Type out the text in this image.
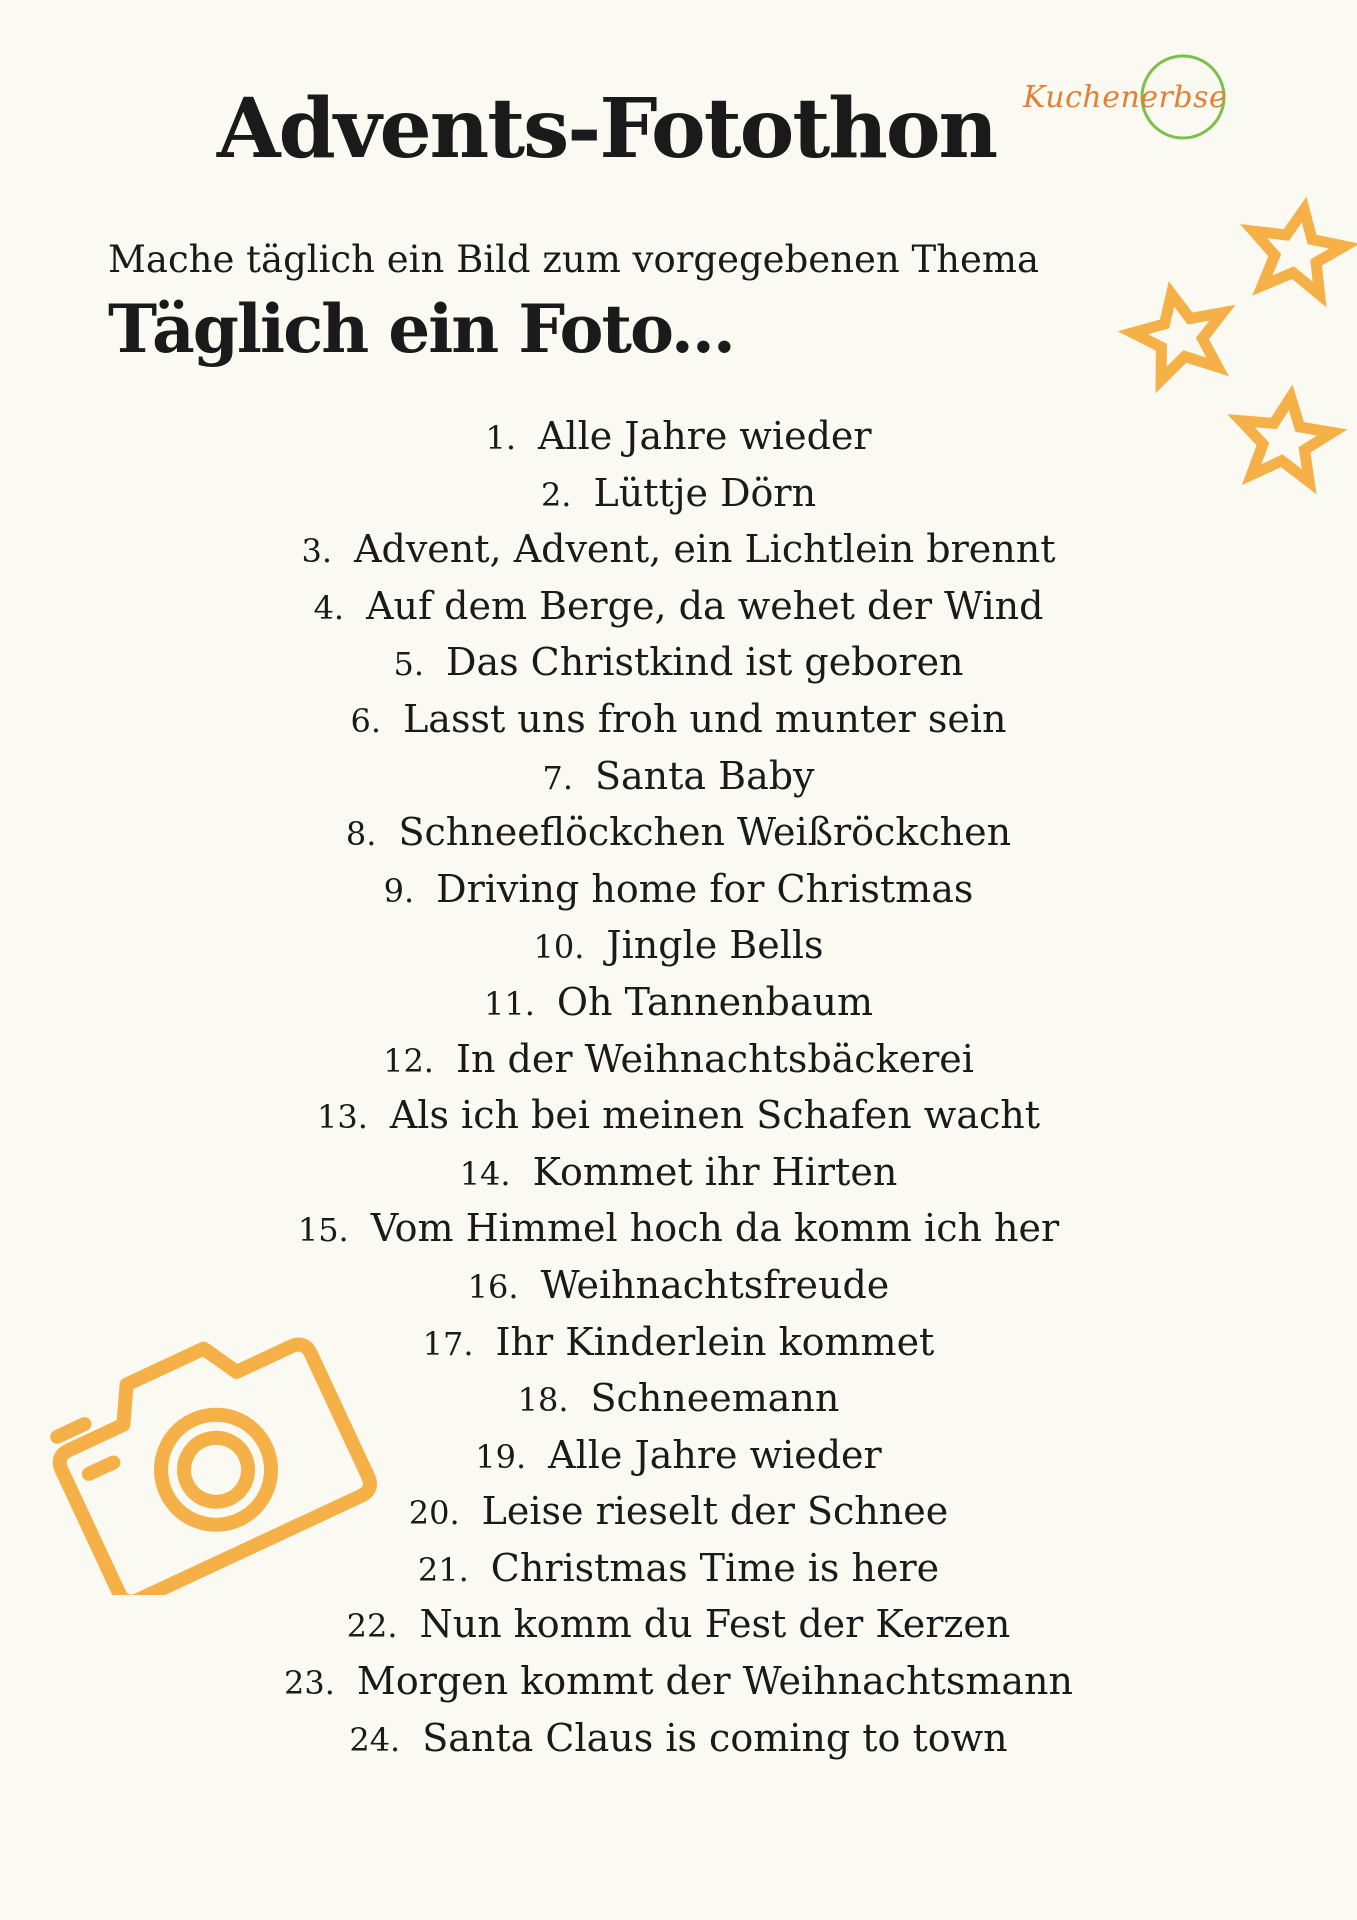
Advents-Fotothon Kuchenerbse

Mache täglich ein Bild zum vorgegebenen Thema

Täglich ein Foto...
1. Alle Jahre wieder
2. Lüttje Dörn
3. Advent, Advent, ein Lichtlein brennt
4. Auf dem Berge, da wehet der Wind
5. Das Christkind ist geboren
6. Lasst uns froh und munter sein
7. Santa Baby
8. Schneeflöckchen Weißröckchen
9. Driving home for Christmas
10. Jingle Bells
11. Oh Tannenbaum
12. In der Weihnachtsbäckerei
13. Als ich bei meinen Schafen wacht
14. Kommet ihr Hirten
15. Vom Himmel hoch da komm ich her
16. Weihnachtsfreude
17. Ihr Kinderlein kommet
18. Schneemann
19. Alle Jahre wieder
20. Leise rieselt der Schnee
21. Christmas Time is here
22. Nun komm du Fest der Kerzen
23. Morgen kommt der Weihnachtsmann
24. Santa Claus is coming to town
